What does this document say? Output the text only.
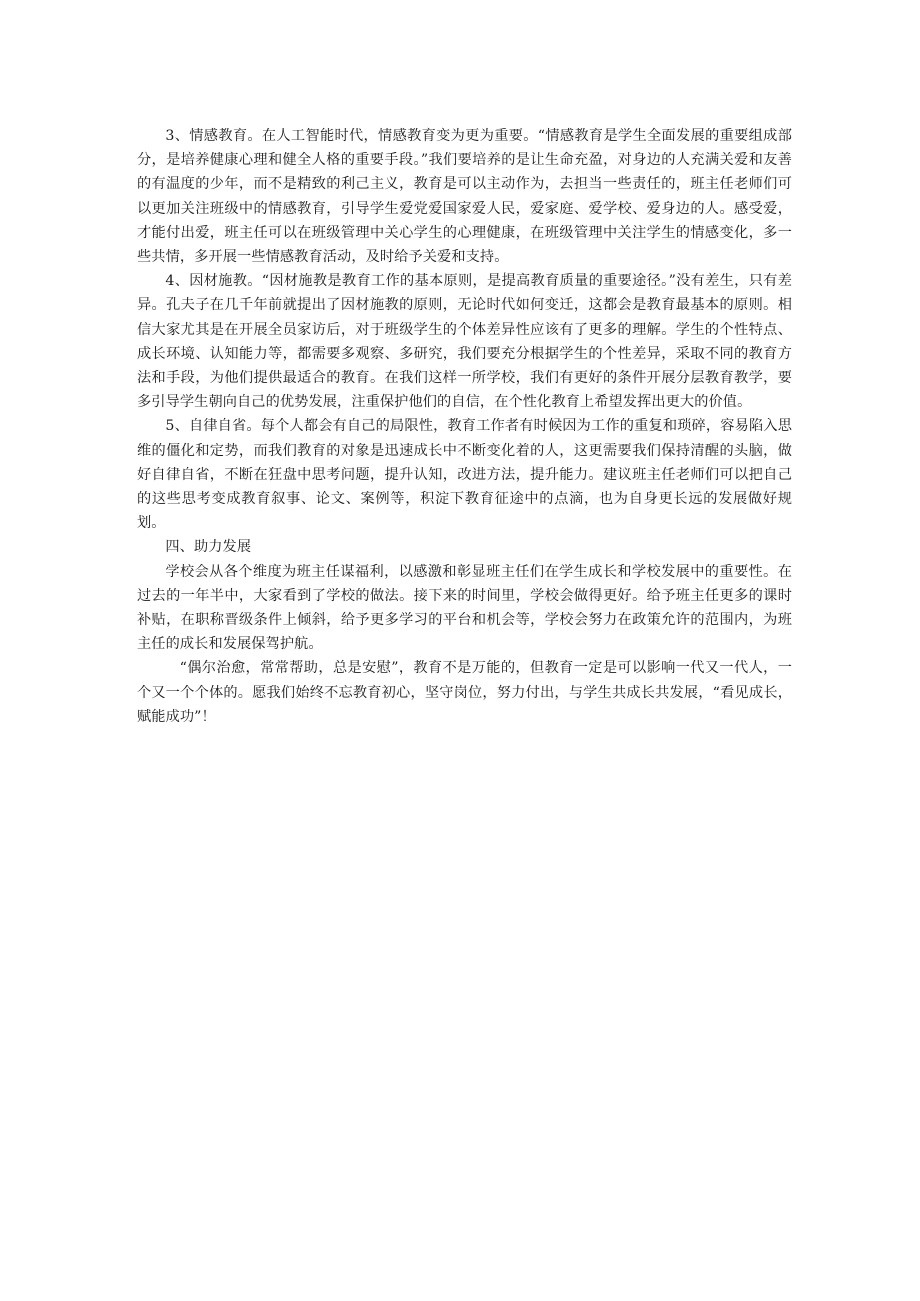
3、情感教育。在人工智能时代，情感教育变为更为重要。“情感教育是学生全面发展的重要组成部分，是培养健康心理和健全人格的重要手段。”我们要培养的是让生命充盈，对身边的人充满关爱和友善的有温度的少年，而不是精致的利己主义，教育是可以主动作为，去担当一些责任的，班主任老师们可以更加关注班级中的情感教育，引导学生爱党爱国家爱人民，爱家庭、爱学校、爱身边的人。感受爱，才能付出爱，班主任可以在班级管理中关心学生的心理健康，在班级管理中关注学生的情感变化，多一些共情，多开展一些情感教育活动，及时给予关爱和支持。

4、因材施教。“因材施教是教育工作的基本原则，是提高教育质量的重要途径。”没有差生，只有差异。孔夫子在几千年前就提出了因材施教的原则，无论时代如何变迁，这都会是教育最基本的原则。相信大家尤其是在开展全员家访后，对于班级学生的个体差异性应该有了更多的理解。学生的个性特点、成长环境、认知能力等，都需要多观察、多研究，我们要充分根据学生的个性差异，采取不同的教育方法和手段，为他们提供最适合的教育。在我们这样一所学校，我们有更好的条件开展分层教育教学，要多引导学生朝向自己的优势发展，注重保护他们的自信，在个性化教育上希望发挥出更大的价值。

5、自律自省。每个人都会有自己的局限性，教育工作者有时候因为工作的重复和琐碎，容易陷入思维的僵化和定势，而我们教育的对象是迅速成长中不断变化着的人，这更需要我们保持清醒的头脑，做好自律自省，不断在狂盘中思考问题，提升认知，改进方法，提升能力。建议班主任老师们可以把自己的这些思考变成教育叙事、论文、案例等，积淀下教育征途中的点滴，也为自身更长远的发展做好规划。

四、助力发展

学校会从各个维度为班主任谋福利，以感激和彰显班主任们在学生成长和学校发展中的重要性。在过去的一年半中，大家看到了学校的做法。接下来的时间里，学校会做得更好。给予班主任更多的课时补贴，在职称晋级条件上倾斜，给予更多学习的平台和机会等，学校会努力在政策允许的范围内，为班主任的成长和发展保驾护航。

“偶尔治愈，常常帮助，总是安慰”，教育不是万能的，但教育一定是可以影响一代又一代人，一个又一个个体的。愿我们始终不忘教育初心，坚守岗位，努力付出，与学生共成长共发展，“看见成长，赋能成功”！
